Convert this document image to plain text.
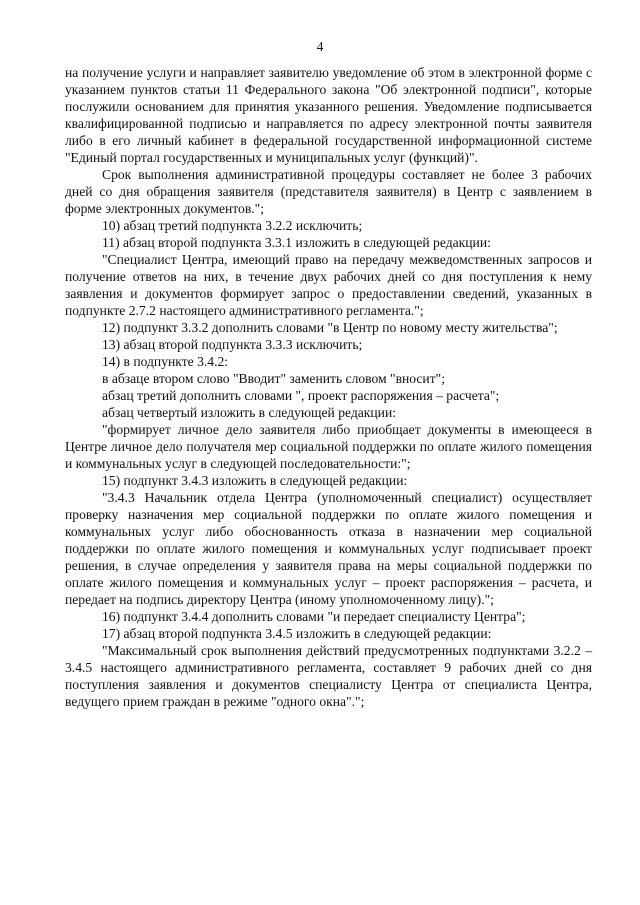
4

на получение услуги и направляет заявителю уведомление об этом в электронной форме с указанием пунктов статьи 11 Федерального закона "Об электронной подписи", которые послужили основанием для принятия указанного решения. Уведомление подписывается квалифицированной подписью и направляется по адресу электронной почты заявителя либо в его личный кабинет в федеральной государственной информационной системе "Единый портал государственных и муниципальных услуг (функций)".

Срок выполнения административной процедуры составляет не более 3 рабочих дней со дня обращения заявителя (представителя заявителя) в Центр с заявлением в форме электронных документов.";

10) абзац третий подпункта 3.2.2 исключить;

11) абзац второй подпункта 3.3.1 изложить в следующей редакции:

"Специалист Центра, имеющий право на передачу межведомственных запросов и получение ответов на них, в течение двух рабочих дней со дня поступления к нему заявления и документов формирует запрос о предоставлении сведений, указанных в подпункте 2.7.2 настоящего административного регламента.";

12) подпункт 3.3.2 дополнить словами "в Центр по новому месту жительства";

13) абзац второй подпункта 3.3.3 исключить;

14) в подпункте 3.4.2:

в абзаце втором слово "Вводит" заменить словом "вносит";

абзац третий дополнить словами ", проект распоряжения – расчета";

абзац четвертый изложить в следующей редакции:

"формирует личное дело заявителя либо приобщает документы в имеющееся в Центре личное дело получателя мер социальной поддержки по оплате жилого помещения и коммунальных услуг в следующей последовательности:";

15) подпункт 3.4.3 изложить в следующей редакции:

"3.4.3 Начальник отдела Центра (уполномоченный специалист) осуществляет проверку назначения мер социальной поддержки по оплате жилого помещения и коммунальных услуг либо обоснованность отказа в назначении мер социальной поддержки по оплате жилого помещения и коммунальных услуг подписывает проект решения, в случае определения у заявителя права на меры социальной поддержки по оплате жилого помещения и коммунальных услуг – проект распоряжения – расчета, и передает на подпись директору Центра (иному уполномоченному лицу).";

16) подпункт 3.4.4 дополнить словами "и передает специалисту Центра";

17) абзац второй подпункта 3.4.5 изложить в следующей редакции:

"Максимальный срок выполнения действий предусмотренных подпунктами 3.2.2 – 3.4.5 настоящего административного регламента, составляет 9 рабочих дней со дня поступления заявления и документов специалисту Центра от специалиста Центра, ведущего прием граждан в режиме "одного окна".";
